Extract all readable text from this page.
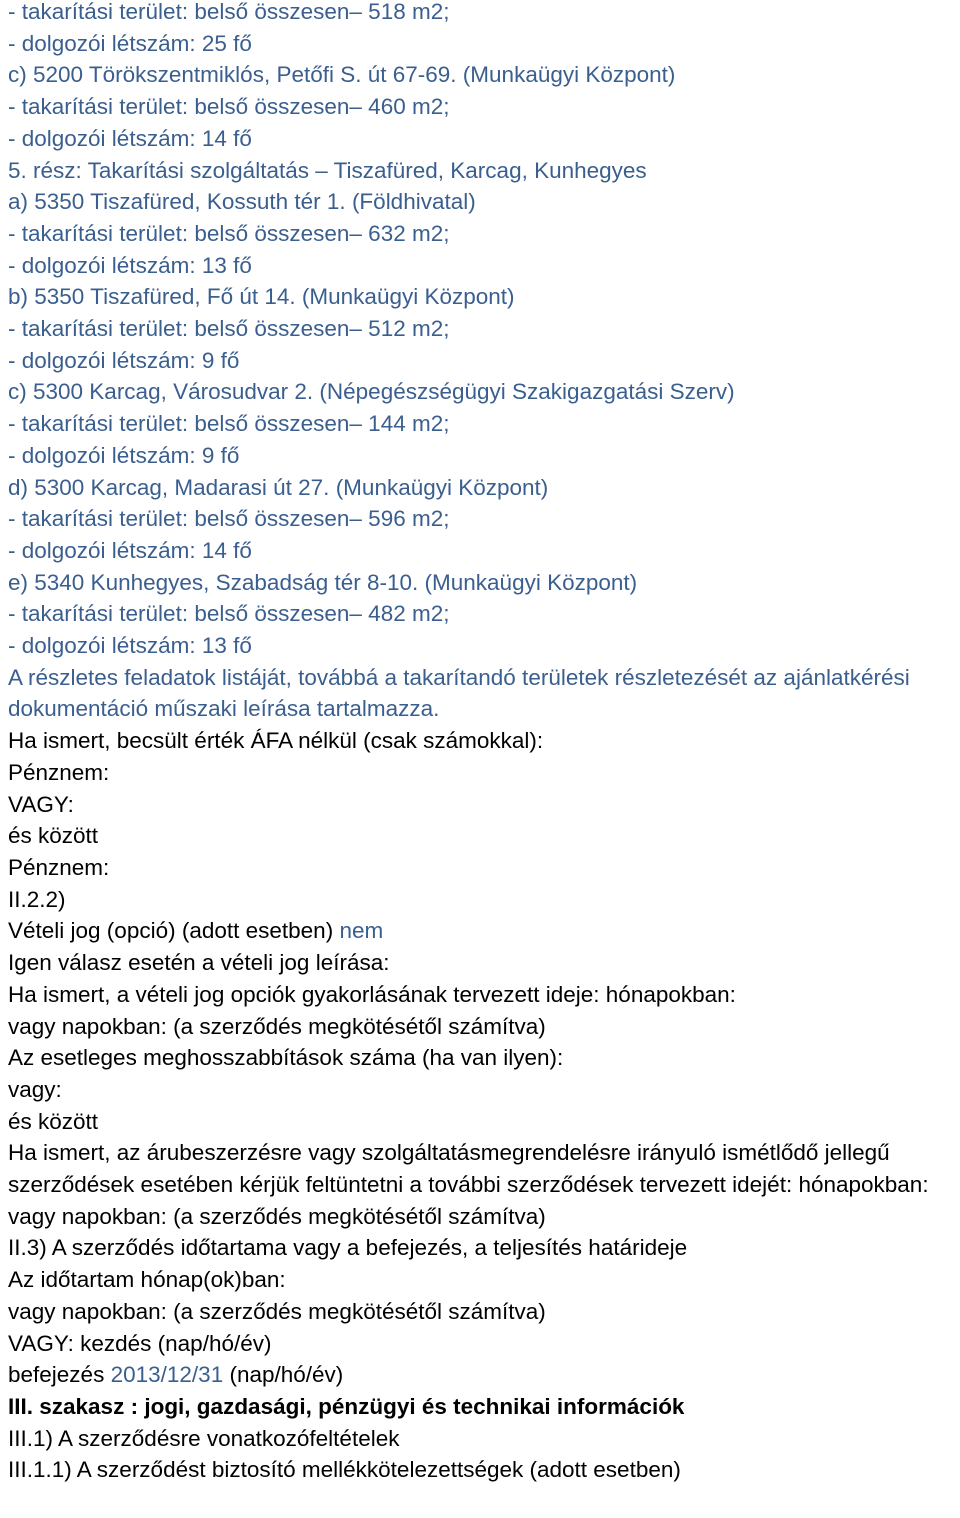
- takarítási terület: belső összesen– 518 m2;

- dolgozói létszám: 25 fő

c) 5200 Törökszentmiklós, Petőfi S. út 67-69. (Munkaügyi Központ)

- takarítási terület: belső összesen– 460 m2;

- dolgozói létszám: 14 fő

5. rész: Takarítási szolgáltatás – Tiszafüred, Karcag, Kunhegyes

a) 5350 Tiszafüred, Kossuth tér 1. (Földhivatal)

- takarítási terület: belső összesen– 632 m2;

- dolgozói létszám: 13 fő

b) 5350 Tiszafüred, Fő út 14. (Munkaügyi Központ)

- takarítási terület: belső összesen– 512 m2;

- dolgozói létszám: 9 fő

c) 5300 Karcag, Városudvar 2. (Népegészségügyi Szakigazgatási Szerv)

- takarítási terület: belső összesen– 144 m2;

- dolgozói létszám: 9 fő

d) 5300 Karcag, Madarasi út 27. (Munkaügyi Központ)

- takarítási terület: belső összesen– 596 m2;

- dolgozói létszám: 14 fő

e) 5340 Kunhegyes, Szabadság tér 8-10. (Munkaügyi Központ)

- takarítási terület: belső összesen– 482 m2;

- dolgozói létszám: 13 fő

A részletes feladatok listáját, továbbá a takarítandó területek részletezését az ajánlatkérési dokumentáció műszaki leírása tartalmazza.

Ha ismert, becsült érték ÁFA nélkül (csak számokkal):

Pénznem:

VAGY:

és között

Pénznem:

II.2.2)

Vételi jog (opció) (adott esetben) nem

Igen válasz esetén a vételi jog leírása:

Ha ismert, a vételi jog opciók gyakorlásának tervezett ideje: hónapokban:

vagy napokban: (a szerződés megkötésétől számítva)

Az esetleges meghosszabbítások száma (ha van ilyen):

vagy:

és között

Ha ismert, az árubeszerzésre vagy szolgáltatásmegrendelésre irányuló ismétlődő jellegű szerződések esetében kérjük feltüntetni a további szerződések tervezett idejét: hónapokban:

vagy napokban: (a szerződés megkötésétől számítva)

II.3) A szerződés időtartama vagy a befejezés, a teljesítés határideje

Az időtartam hónap(ok)ban:

vagy napokban: (a szerződés megkötésétől számítva)

VAGY: kezdés (nap/hó/év)

befejezés 2013/12/31 (nap/hó/év)

III. szakasz : jogi, gazdasági, pénzügyi és technikai információk

III.1) A szerződésre vonatkozófeltételek

III.1.1) A szerződést biztosító mellékkötelezettségek (adott esetben)
